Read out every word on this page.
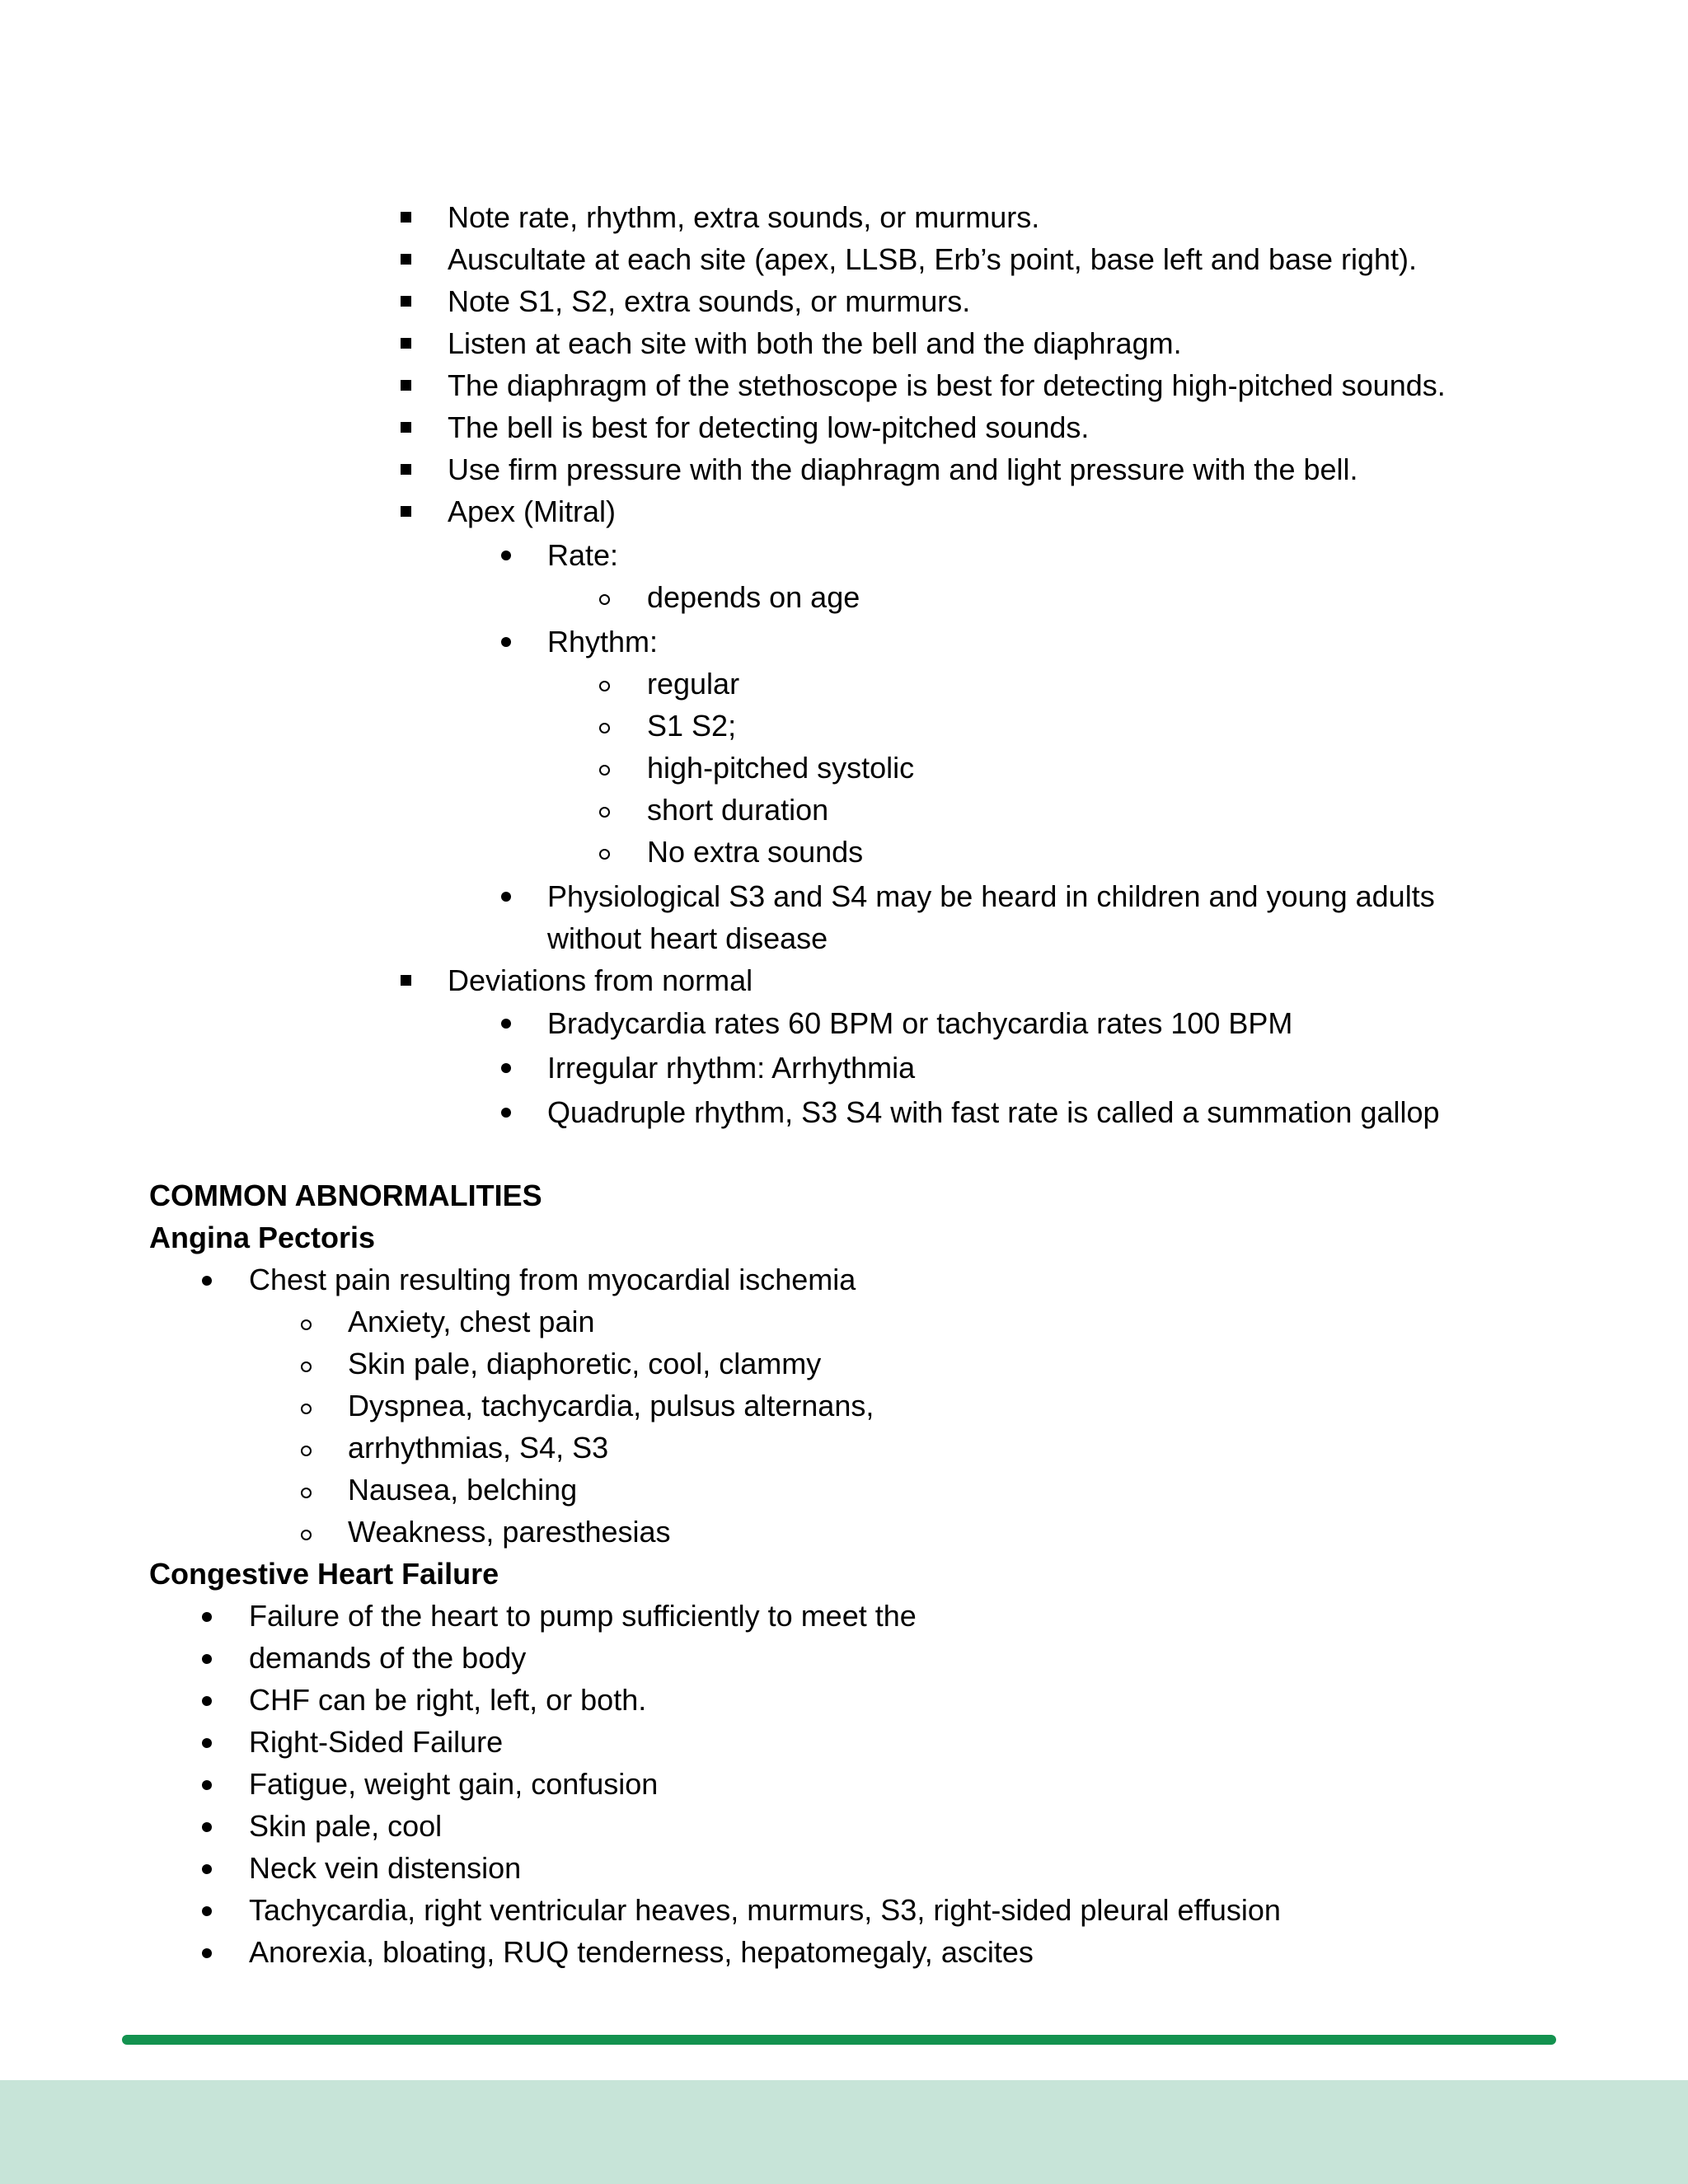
Note rate, rhythm, extra sounds, or murmurs.
Auscultate at each site (apex, LLSB, Erb’s point, base left and base right).
Note S1, S2, extra sounds, or murmurs.
Listen at each site with both the bell and the diaphragm.
The diaphragm of the stethoscope is best for detecting high-pitched sounds.
The bell is best for detecting low-pitched sounds.
Use firm pressure with the diaphragm and light pressure with the bell.
Apex (Mitral)
Rate:
depends on age
Rhythm:
regular
S1 S2;
high-pitched systolic
short duration
No extra sounds
Physiological S3 and S4 may be heard in children and young adults
without heart disease
Deviations from normal
Bradycardia rates 60 BPM or tachycardia rates 100 BPM
Irregular rhythm: Arrhythmia
Quadruple rhythm, S3 S4 with fast rate is called a summation gallop
COMMON ABNORMALITIES
Angina Pectoris
Chest pain resulting from myocardial ischemia
Anxiety, chest pain
Skin pale, diaphoretic, cool, clammy
Dyspnea, tachycardia, pulsus alternans,
arrhythmias, S4, S3
Nausea, belching
Weakness, paresthesias
Congestive Heart Failure
Failure of the heart to pump sufficiently to meet the
demands of the body
CHF can be right, left, or both.
Right-Sided Failure
Fatigue, weight gain, confusion
Skin pale, cool
Neck vein distension
Tachycardia, right ventricular heaves, murmurs, S3, right-sided pleural effusion
Anorexia, bloating, RUQ tenderness, hepatomegaly, ascites
